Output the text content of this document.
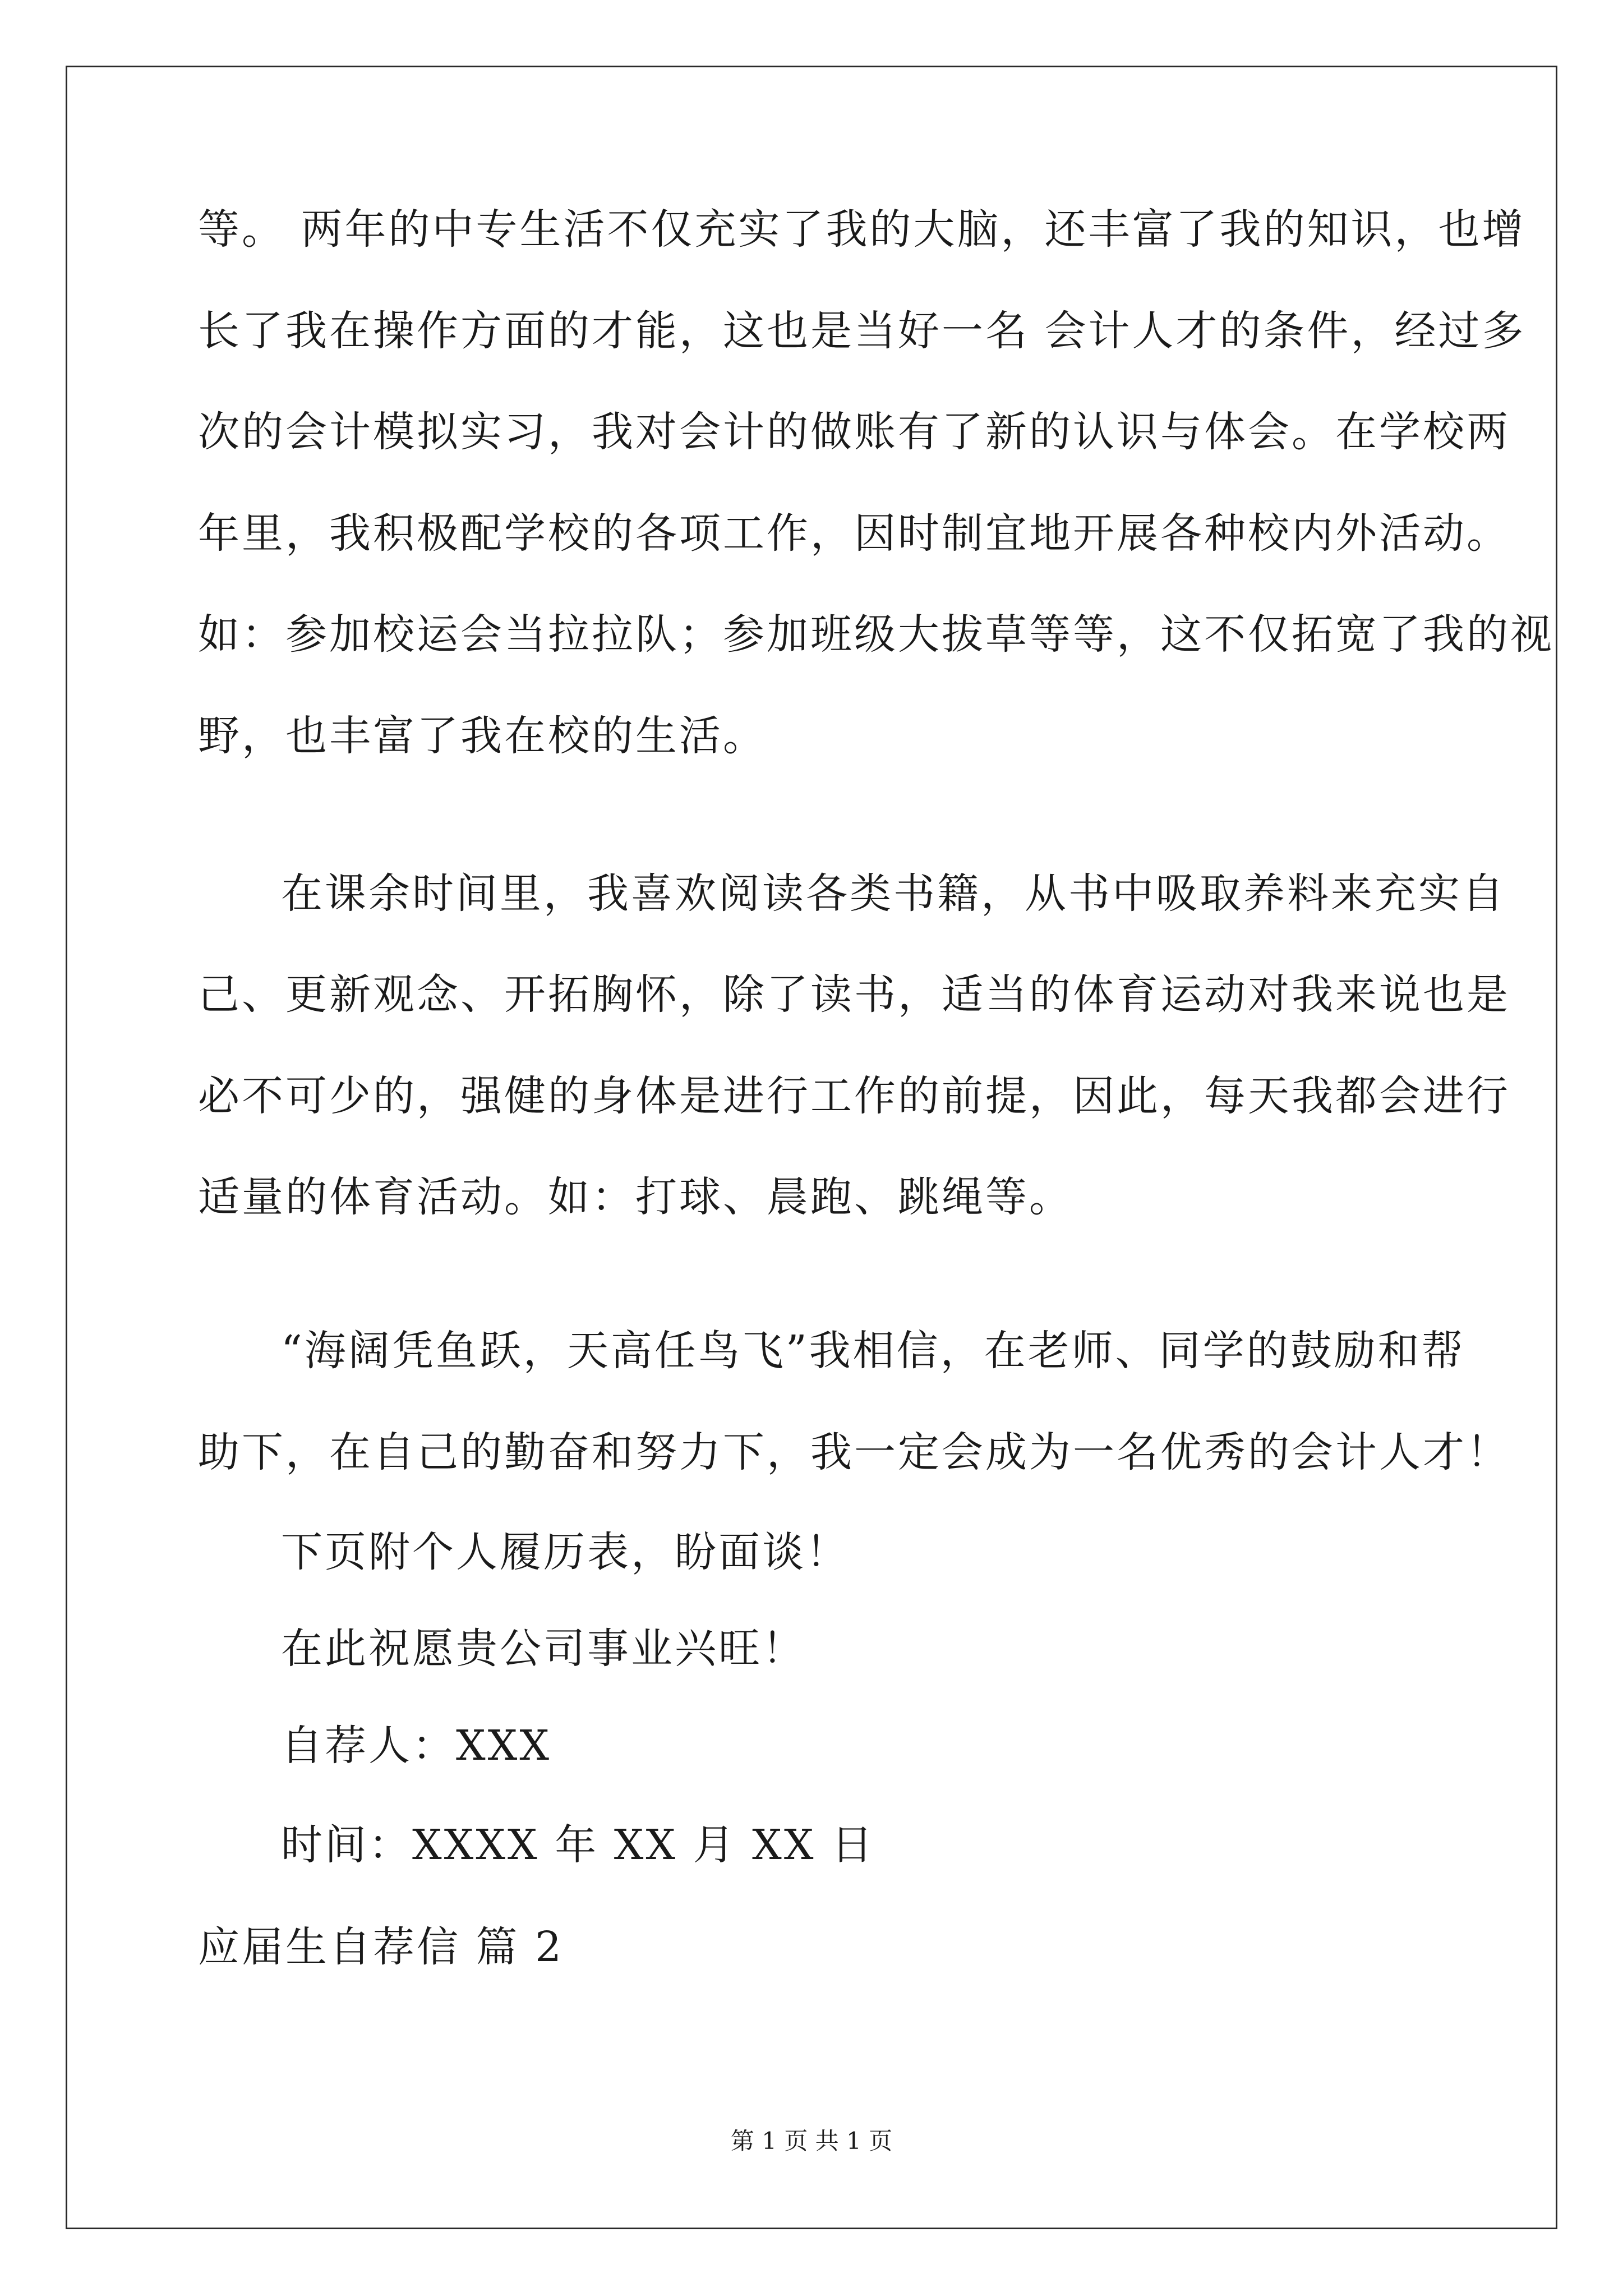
等。 两年的中专生活不仅充实了我的大脑，还丰富了我的知识，也增
长了我在操作方面的才能，这也是当好一名 会计人才的条件，经过多
次的会计模拟实习，我对会计的做账有了新的认识与体会。在学校两
年里，我积极配学校的各项工作，因时制宜地开展各种校内外活动。
如：参加校运会当拉拉队；参加班级大拔草等等，这不仅拓宽了我的视
野，也丰富了我在校的生活。
在课余时间里，我喜欢阅读各类书籍，从书中吸取养料来充实自
己、更新观念、开拓胸怀，除了读书，适当的体育运动对我来说也是
必不可少的，强健的身体是进行工作的前提，因此，每天我都会进行
适量的体育活动。如：打球、晨跑、跳绳等。
“海阔凭鱼跃，天高任鸟飞”我相信，在老师、同学的鼓励和帮
助下，在自己的勤奋和努力下，我一定会成为一名优秀的会计人才！
下页附个人履历表，盼面谈！
在此祝愿贵公司事业兴旺！
自荐人：XXX
时间：XXXX 年 XX 月 XX 日
应届生自荐信 篇 2
第 1 页 共 1 页
